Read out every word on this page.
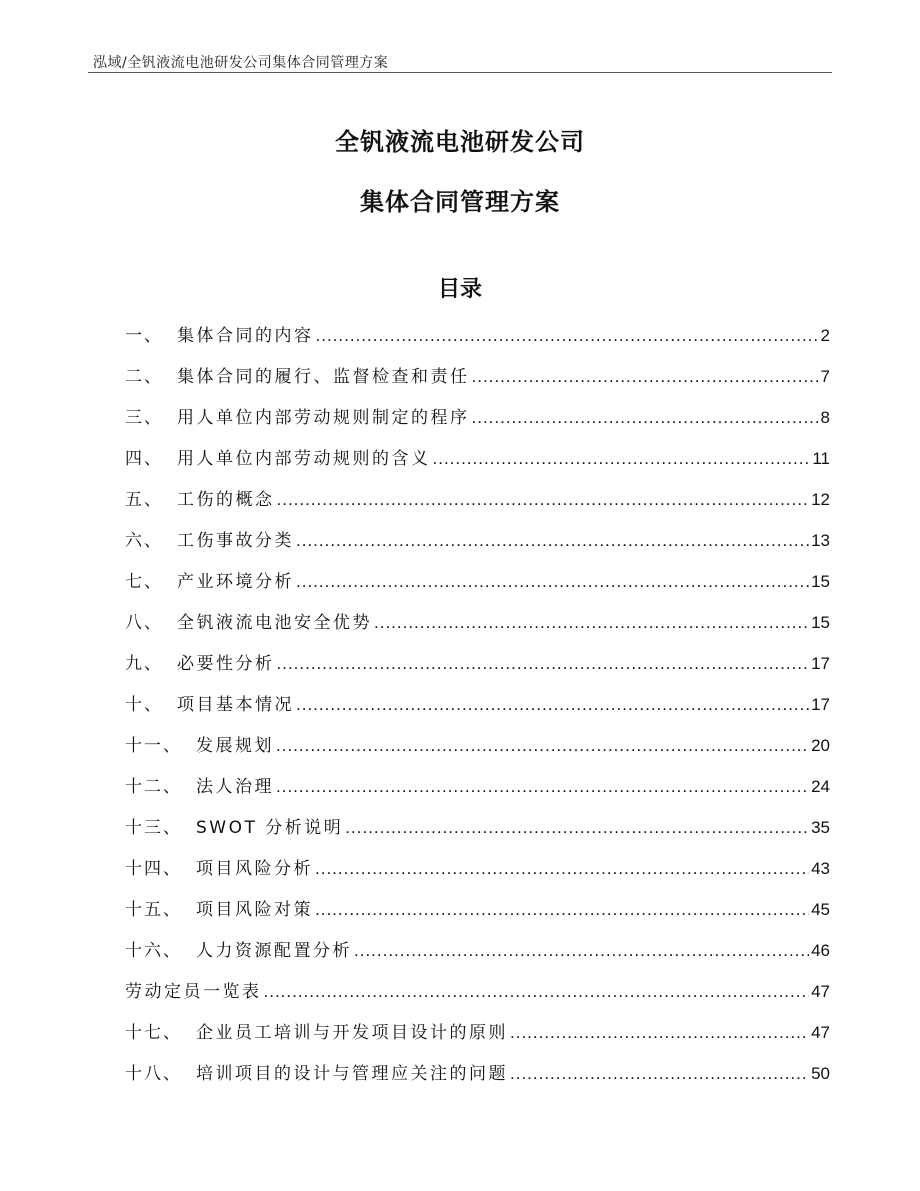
泓域/全钒液流电池研发公司集体合同管理方案
全钒液流电池研发公司
集体合同管理方案
目录
一、 集体合同的内容 .....	2
二、 集体合同的履行、监督检查和责任 .....	7
三、 用人单位内部劳动规则制定的程序 .....	8
四、 用人单位内部劳动规则的含义 .....	11
五、 工伤的概念 .....	12
六、 工伤事故分类 .....	13
七、 产业环境分析 .....	15
八、 全钒液流电池安全优势 .....	15
九、 必要性分析 .....	17
十、 项目基本情况 .....	17
十一、 发展规划 .....	20
十二、 法人治理 .....	24
十三、 SWOT 分析说明 .....	35
十四、 项目风险分析 .....	43
十五、 项目风险对策 .....	45
十六、 人力资源配置分析 .....	46
劳动定员一览表 .....	47
十七、 企业员工培训与开发项目设计的原则 .....	47
十八、 培训项目的设计与管理应关注的问题 .....	50
